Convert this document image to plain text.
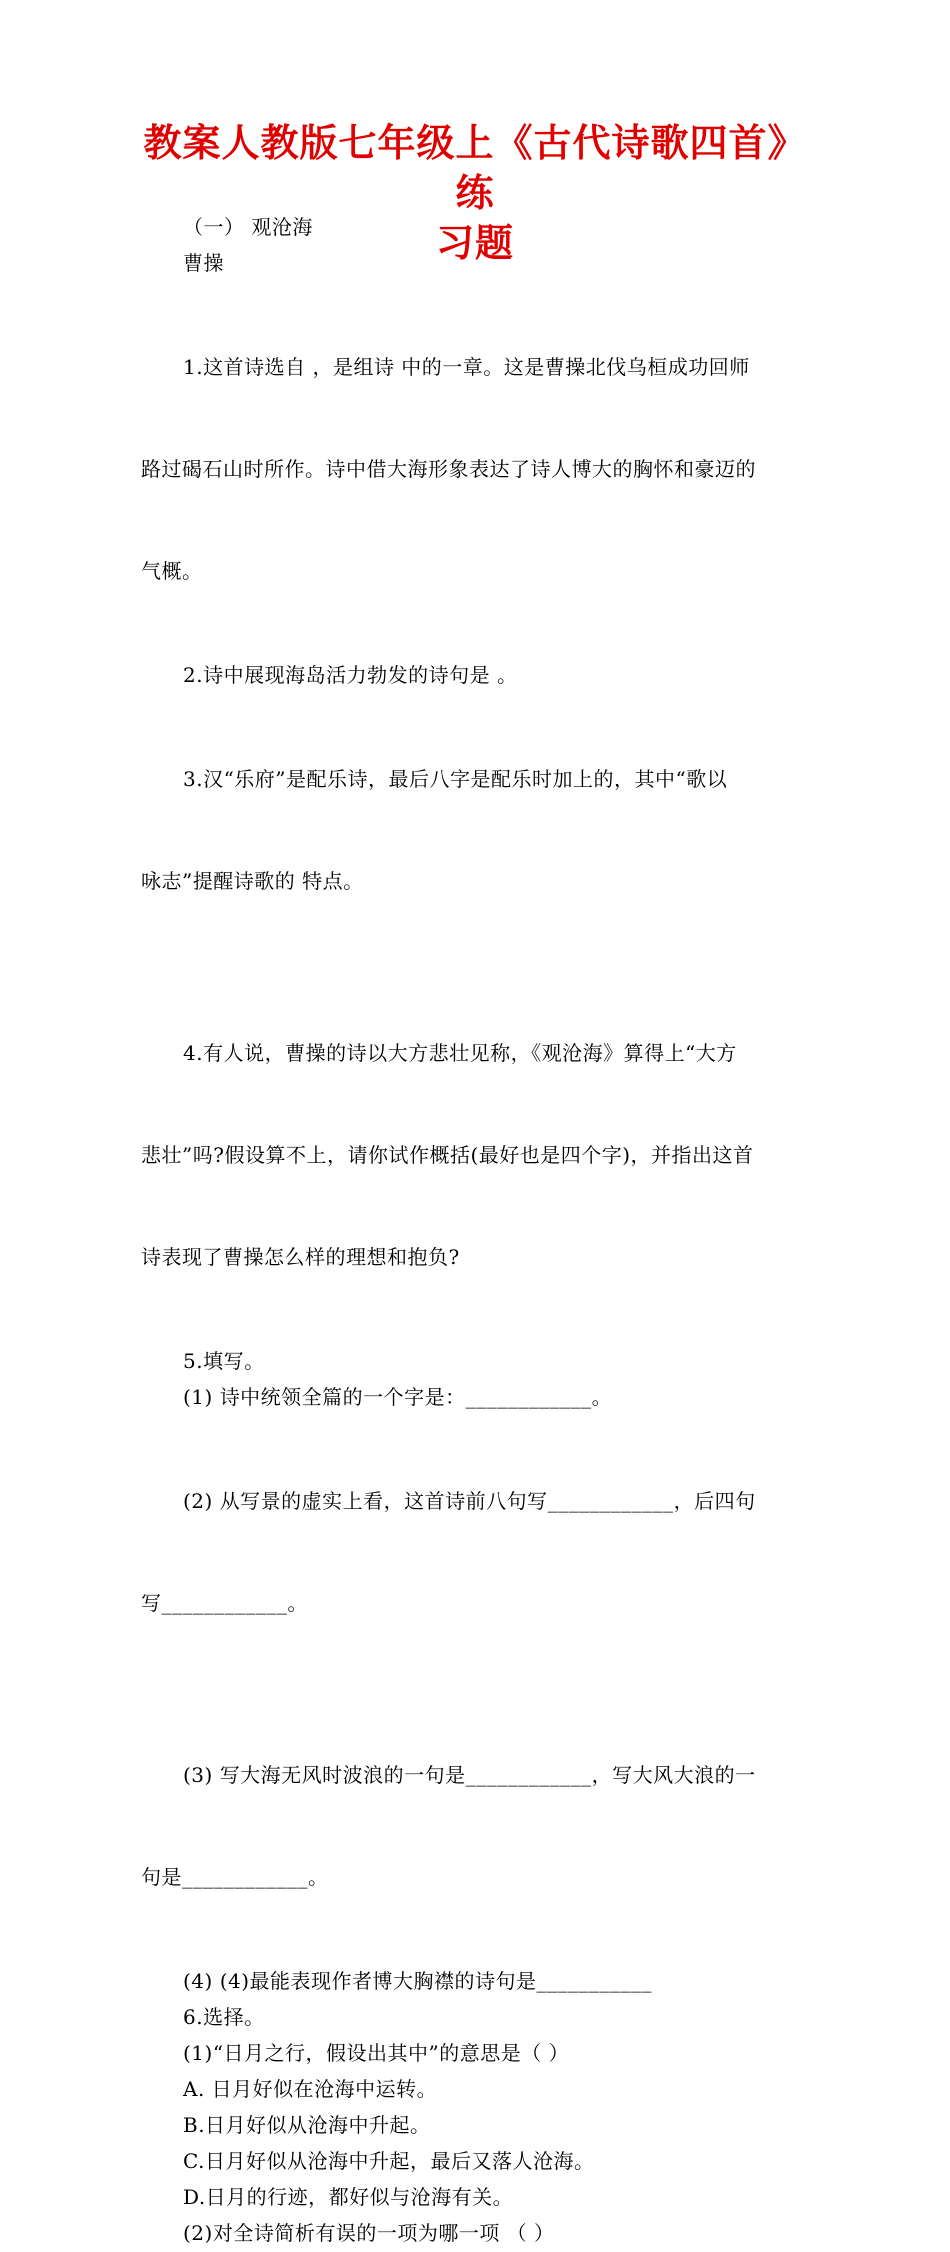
教案人教版七年级上《古代诗歌四首》练
习题

（一） 观沧海

曹操

1.这首诗选自 ，是组诗 中的一章。这是曹操北伐乌桓成功回师

路过碣石山时所作。诗中借大海形象表达了诗人博大的胸怀和豪迈的

气概。

2.诗中展现海岛活力勃发的诗句是 。

3.汉“乐府”是配乐诗，最后八字是配乐时加上的，其中“歌以

咏志”提醒诗歌的 特点。

4.有人说，曹操的诗以大方悲壮见称，《观沧海》算得上“大方

悲壮”吗?假设算不上，请你试作概括(最好也是四个字)，并指出这首

诗表现了曹操怎么样的理想和抱负?

5.填写。

(1) 诗中统领全篇的一个字是：____________。

(2) 从写景的虚实上看，这首诗前八句写____________，后四句

写____________。

(3) 写大海无风时波浪的一句是____________，写大风大浪的一

句是____________。

(4) (4)最能表现作者博大胸襟的诗句是___________

6.选择。

(1)“日月之行，假设出其中”的意思是（ ）

A. 日月好似在沧海中运转。

B.日月好似从沧海中升起。

C.日月好似从沧海中升起，最后又落人沧海。

D.日月的行迹，都好似与沧海有关。

(2)对全诗简析有误的一项为哪一项 （ ）
